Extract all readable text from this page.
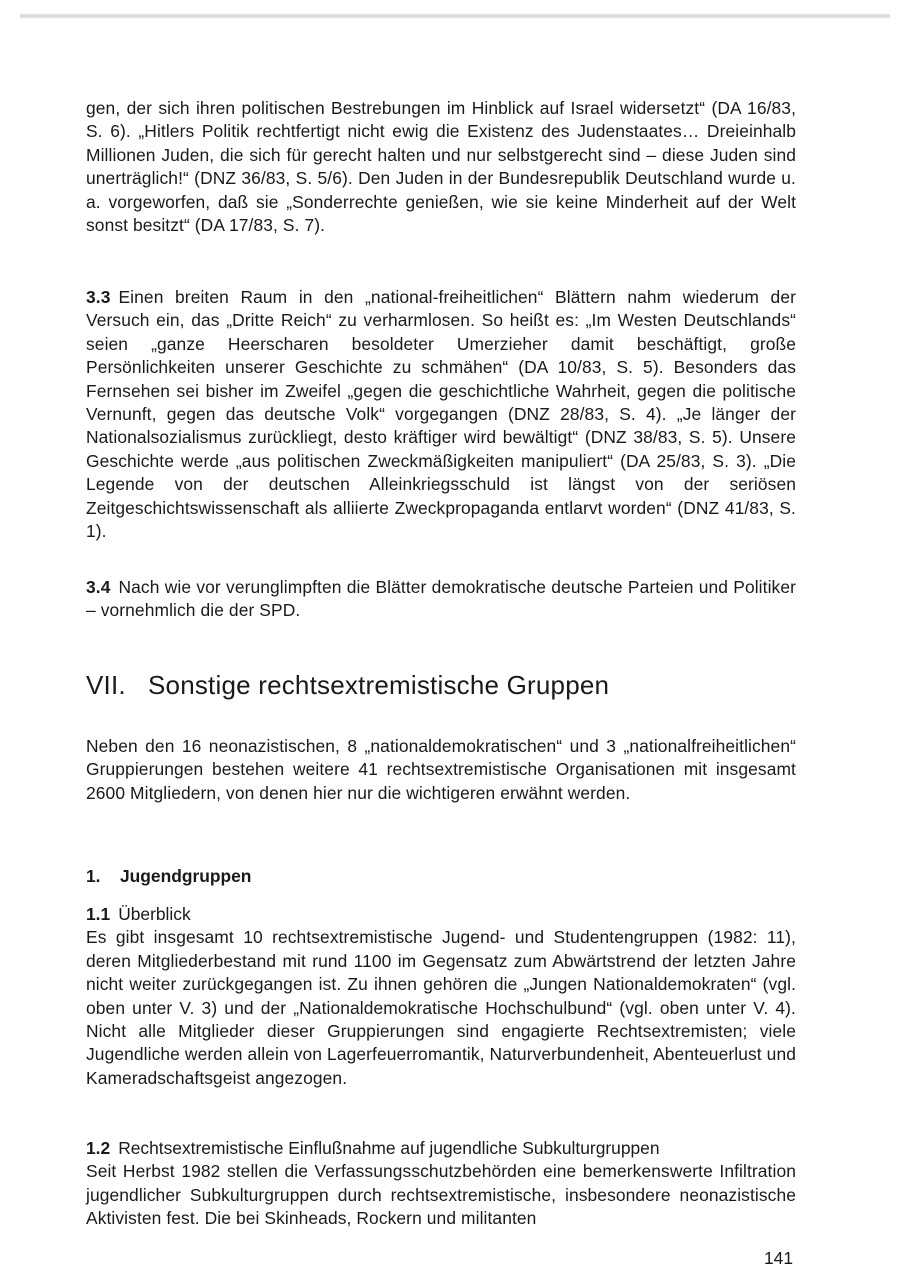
gen, der sich ihren politischen Bestrebungen im Hinblick auf Israel widersetzt“ (DA 16/83, S. 6). „Hitlers Politik rechtfertigt nicht ewig die Existenz des Judenstaates… Dreieinhalb Millionen Juden, die sich für gerecht halten und nur selbstgerecht sind – diese Juden sind unerträglich!“ (DNZ 36/83, S. 5/6). Den Juden in der Bundesrepublik Deutschland wurde u. a. vorgeworfen, daß sie „Sonderrechte genießen, wie sie keine Minderheit auf der Welt sonst besitzt“ (DA 17/83, S. 7).

3.3 Einen breiten Raum in den „national-freiheitlichen“ Blättern nahm wiederum der Versuch ein, das „Dritte Reich“ zu verharmlosen. So heißt es: „Im Westen Deutschlands“ seien „ganze Heerscharen besoldeter Umerzieher damit beschäftigt, große Persönlichkeiten unserer Geschichte zu schmähen“ (DA 10/83, S. 5). Besonders das Fernsehen sei bisher im Zweifel „gegen die geschichtliche Wahrheit, gegen die politische Vernunft, gegen das deutsche Volk“ vorgegangen (DNZ 28/83, S. 4). „Je länger der Nationalsozialismus zurückliegt, desto kräftiger wird bewältigt“ (DNZ 38/83, S. 5). Unsere Geschichte werde „aus politischen Zweckmäßigkeiten manipuliert“ (DA 25/83, S. 3). „Die Legende von der deutschen Alleinkriegsschuld ist längst von der seriösen Zeitgeschichtswissenschaft als alliierte Zweckpropaganda entlarvt worden“ (DNZ 41/83, S. 1).

3.4 Nach wie vor verunglimpften die Blätter demokratische deutsche Parteien und Politiker – vornehmlich die der SPD.

VII. Sonstige rechtsextremistische Gruppen

Neben den 16 neonazistischen, 8 „nationaldemokratischen“ und 3 „nationalfreiheitlichen“ Gruppierungen bestehen weitere 41 rechtsextremistische Organisationen mit insgesamt 2600 Mitgliedern, von denen hier nur die wichtigeren erwähnt werden.

1. Jugendgruppen
1.1 Überblick

Es gibt insgesamt 10 rechtsextremistische Jugend- und Studentengruppen (1982: 11), deren Mitgliederbestand mit rund 1100 im Gegensatz zum Abwärtstrend der letzten Jahre nicht weiter zurückgegangen ist. Zu ihnen gehören die „Jungen Nationaldemokraten“ (vgl. oben unter V. 3) und der „Nationaldemokratische Hochschulbund“ (vgl. oben unter V. 4). Nicht alle Mitglieder dieser Gruppierungen sind engagierte Rechtsextremisten; viele Jugendliche werden allein von Lagerfeuerromantik, Naturverbundenheit, Abenteuerlust und Kameradschaftsgeist angezogen.

1.2 Rechtsextremistische Einflußnahme auf jugendliche Subkulturgruppen

Seit Herbst 1982 stellen die Verfassungsschutzbehörden eine bemerkenswerte Infiltration jugendlicher Subkulturgruppen durch rechtsextremistische, insbesondere neonazistische Aktivisten fest. Die bei Skinheads, Rockern und militanten

141
